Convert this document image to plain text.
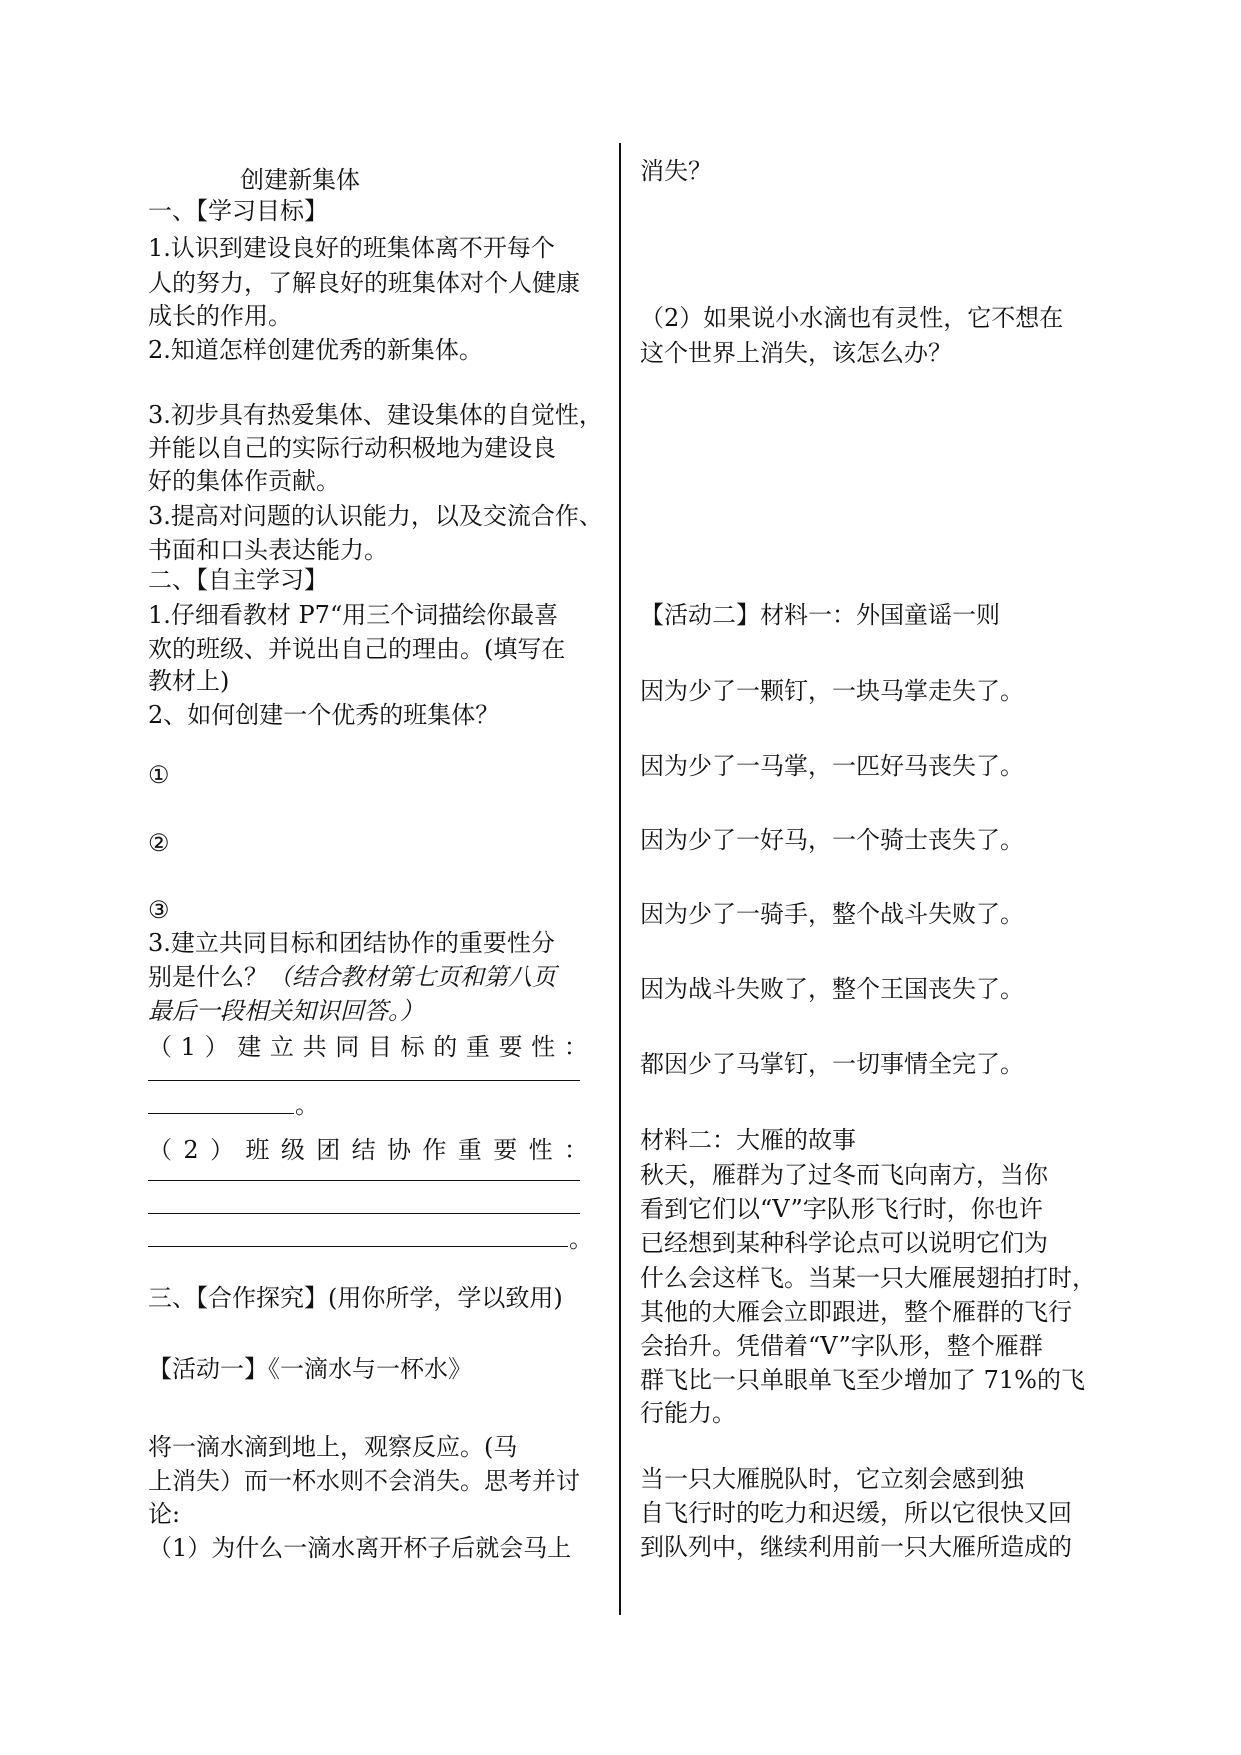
创建新集体
一、【学习目标】
1.认识到建设良好的班集体离不开每个
人的努力，了解良好的班集体对个人健康
成长的作用。
2.知道怎样创建优秀的新集体。
3.初步具有热爱集体、建设集体的自觉性，
并能以自己的实际行动积极地为建设良
好的集体作贡献。
3.提高对问题的认识能力，以及交流合作、
书面和口头表达能力。
二、【自主学习】
1.仔细看教材 P7“用三个词描绘你最喜
欢的班级、并说出自己的理由。(填写在
教材上)
2、如何创建一个优秀的班集体？
①
②
③
3.建立共同目标和团结协作的重要性分
别是什么？（结合教材第七页和第八页
最后一段相关知识回答。）
（ 1 ） 建 立 共 同 目 标 的 重 要 性 ：
。
（ 2 ） 班 级 团 结 协 作 重 要 性 ：
。
三、【合作探究】(用你所学，学以致用)
【活动一】《一滴水与一杯水》
将一滴水滴到地上，观察反应。(马
上消失）而一杯水则不会消失。思考并讨
论:
（1）为什么一滴水离开杯子后就会马上
消失？
（2）如果说小水滴也有灵性，它不想在
这个世界上消失，该怎么办？
【活动二】材料一：外国童谣一则
因为少了一颗钉，一块马掌走失了。
因为少了一马掌，一匹好马丧失了。
因为少了一好马，一个骑士丧失了。
因为少了一骑手，整个战斗失败了。
因为战斗失败了，整个王国丧失了。
都因少了马掌钉，一切事情全完了。
材料二：大雁的故事
秋天，雁群为了过冬而飞向南方，当你
看到它们以“V”字队形飞行时，你也许
已经想到某种科学论点可以说明它们为
什么会这样飞。当某一只大雁展翅拍打时，
其他的大雁会立即跟进，整个雁群的飞行
会抬升。凭借着“V”字队形，整个雁群
群飞比一只单眼单飞至少增加了 71%的飞
行能力。
当一只大雁脱队时，它立刻会感到独
自飞行时的吃力和迟缓，所以它很快又回
到队列中，继续利用前一只大雁所造成的
